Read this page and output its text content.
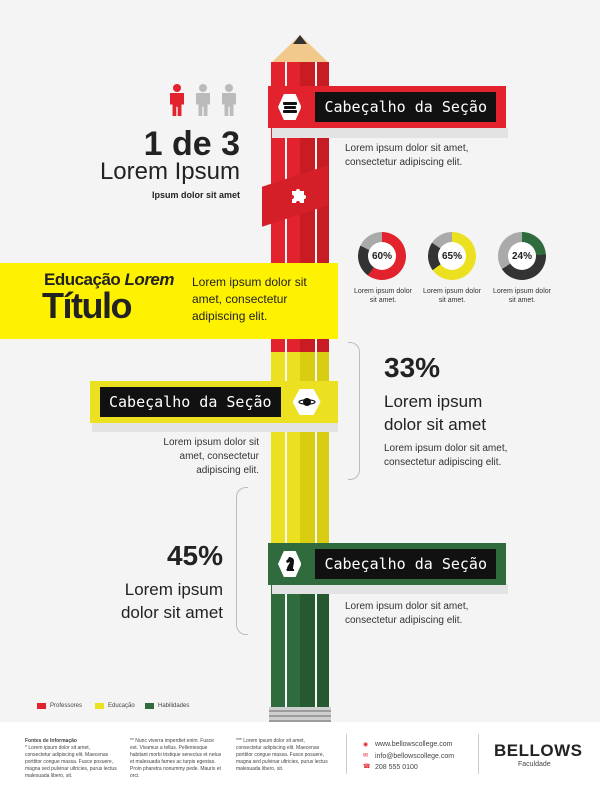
1 de 3
Lorem Ipsum
Ipsum dolor sit amet
Cabeçalho da Seção
Lorem ipsum dolor sit amet, consectetur adipiscing elit.
Educação Lorem
Título
Lorem ipsum dolor sit amet, consectetur adipiscing elit.
60%
Lorem ipsum dolor sit amet.
65%
Lorem ipsum dolor sit amet.
24%
Lorem ipsum dolor sit amet.
Cabeçalho da Seção
Lorem ipsum dolor sit amet, consectetur adipiscing elit.
33%
Lorem ipsum dolor sit amet
Lorem ipsum dolor sit amet, consectetur adipiscing elit.
45%
Lorem ipsum dolor sit amet
Cabeçalho da Seção
Lorem ipsum dolor sit amet, consectetur adipiscing elit.
Professores	Educação	Habilidades
Fontes de Informação
* Lorem ipsum dolor sit amet, consectetur adipiscing elit. Maecenas porttitor congue massa. Fusce posuere, magna sed pulvinar ultricies, purus lectus malesuada libero, sit.
** Nunc viverra imperdiet enim. Fusce est. Vivamus a tellus. Pellentesque habitant morbi tristique senectus et netus et malesuada fames ac turpis egestas. Proin pharetra nonummy pede. Mauris et orci.
*** Lorem ipsum dolor sit amet, consectetur adipiscing elit. Maecenas porttitor congue massa. Fusce posuere, magna sed pulvinar ultricies, purus lectus malesuada libero, sit.
◉ www.bellowscollege.com
✉ info@bellowscollege.com
☎ 208 555 0100
BELLOWS
Faculdade
